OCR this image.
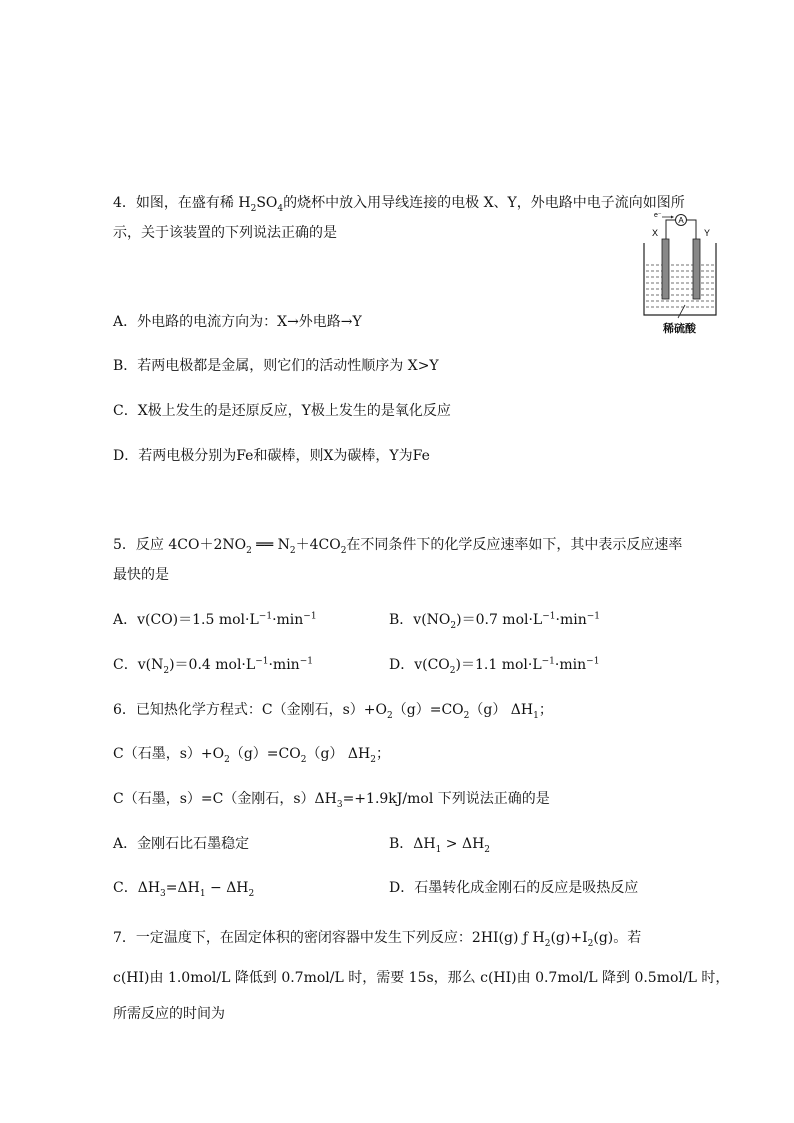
4．如图，在盛有稀 $H_2SO_4$的烧杯中放入用导线连接的电极 X、Y，外电路中电子流向如图所
示，关于该装置的下列说法正确的是
A
e⁻
X	Y
稀硫酸
A．外电路的电流方向为：X→外电路→Y
B．若两电极都是金属，则它们的活动性顺序为 X>Y
C．X极上发生的是还原反应，Y极上发生的是氧化反应
D．若两电极分别为Fe和碳棒，则X为碳棒，Y为Fe
5．反应 $4CO+2NO_2$ ══ $N_2+4CO_2$在不同条件下的化学反应速率如下，其中表示反应速率
最快的是
A．v(CO)＝1.5 $mol\cdot L^{-1}\cdot\min^{-1}$	B．$v(NO_2)=0.7$ $mol\cdot L^{-1}\cdot\min^{-1}$
C．$v(N_2)=0.4$ $mol\cdot L^{-1}\cdot\min^{-1}$	D．$v(CO_2)=1.1$ $mol\cdot L^{-1}\cdot\min^{-1}$
6．已知热化学方程式：C（金刚石，$s)+O_2(g)=CO_2(g)$ $\Delta H_1$；
C（石墨，$s)+O_2(g)=CO_2(g)$ $\Delta H_2$；
C（石墨，s）=C（金刚石，$s)\Delta H_3=+1.9kJ$/mol 下列说法正确的是
A．金刚石比石墨稳定	B．$\Delta H_1 > \Delta H_2$
C．$\Delta H_3=\Delta H_1 - \Delta H_2$	D．石墨转化成金刚石的反应是吸热反应
7．一定温度下，在固定体积的密闭容器中发生下列反应：2HI(g) ƒ $H_2(g)+I_2(g)$。若
c(HI)由 1.0mol/L 降低到 0.7mol/L 时，需要 15s，那么 c(HI)由 0.7mol/L 降到 0.5mol/L 时，
所需反应的时间为
